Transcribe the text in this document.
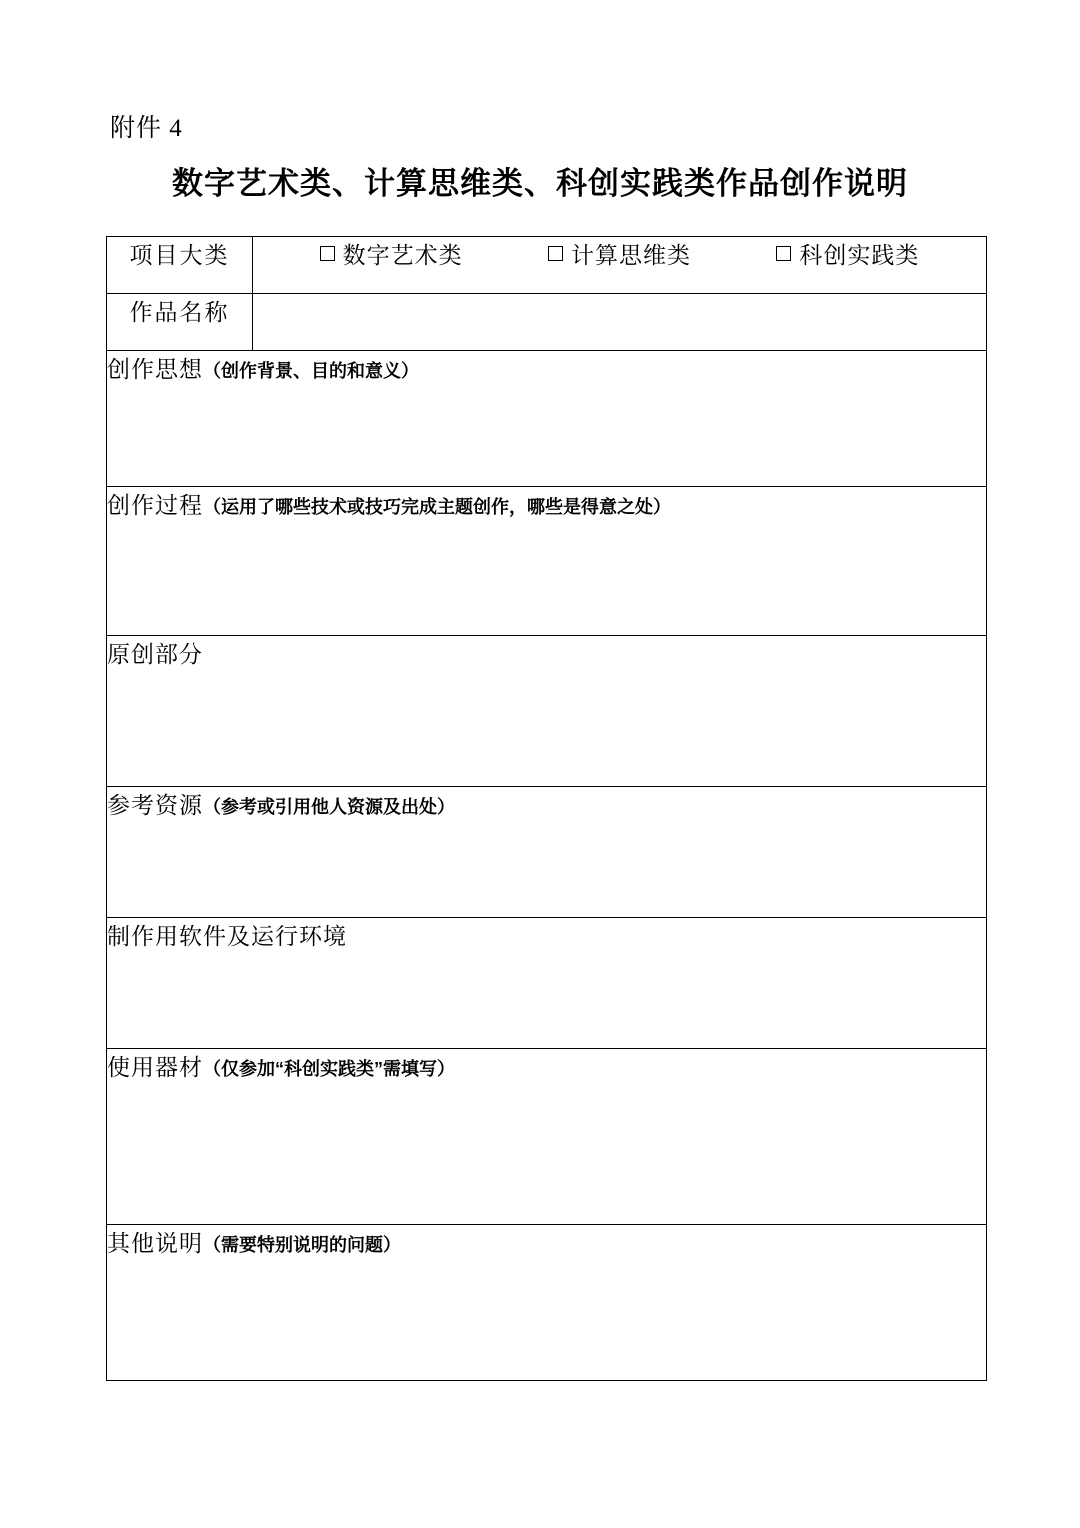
附件 4
数字艺术类、计算思维类、科创实践类作品创作说明
项目大类	数字艺术类 计算思维类 科创实践类

作品名称	

创作思想（创作背景、目的和意义）	

创作过程（运用了哪些技术或技巧完成主题创作，哪些是得意之处）	

原创部分	

参考资源（参考或引用他人资源及出处）	

制作用软件及运行环境	

使用器材（仅参加“科创实践类”需填写）	

其他说明（需要特别说明的问题）	
